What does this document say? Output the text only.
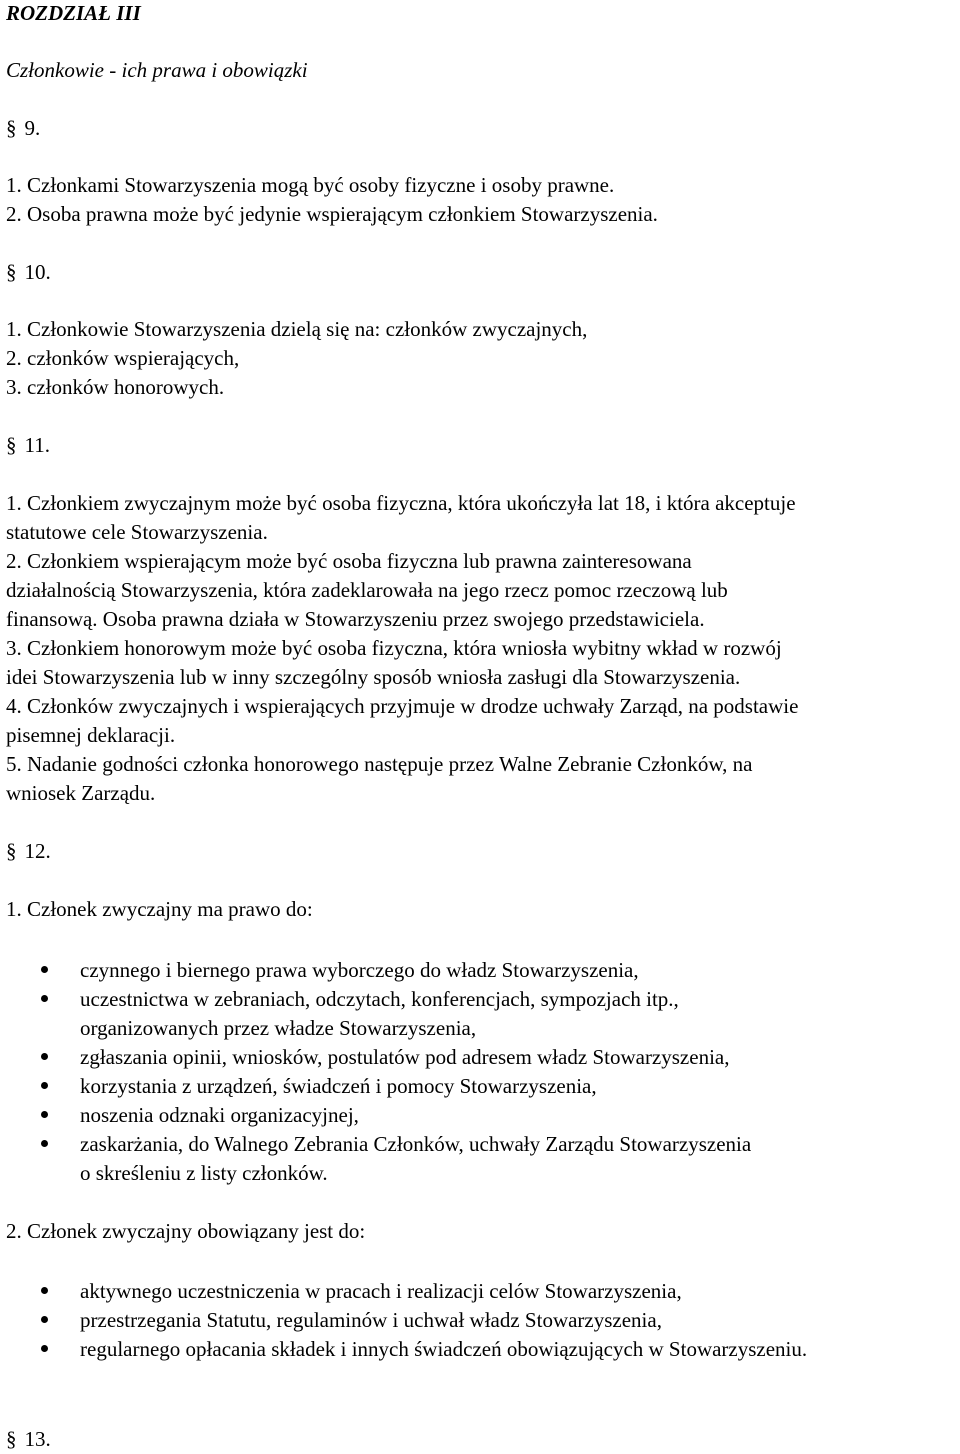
ROZDZIAŁ III
Członkowie - ich prawa i obowiązki
§ 9.
1. Członkami Stowarzyszenia mogą być osoby fizyczne i osoby prawne.
2. Osoba prawna może być jedynie wspierającym członkiem Stowarzyszenia.
§ 10.
1. Członkowie Stowarzyszenia dzielą się na: członków zwyczajnych,
2. członków wspierających,
3. członków honorowych.
§ 11.
1. Członkiem zwyczajnym może być osoba fizyczna, która ukończyła lat 18, i która akceptuje
statutowe cele Stowarzyszenia.
2. Członkiem wspierającym może być osoba fizyczna lub prawna zainteresowana
działalnością Stowarzyszenia, która zadeklarowała na jego rzecz pomoc rzeczową lub
finansową. Osoba prawna działa w Stowarzyszeniu przez swojego przedstawiciela.
3. Członkiem honorowym może być osoba fizyczna, która wniosła wybitny wkład w rozwój
idei Stowarzyszenia lub w inny szczególny sposób wniosła zasługi dla Stowarzyszenia.
4. Członków zwyczajnych i wspierających przyjmuje w drodze uchwały Zarząd, na podstawie
pisemnej deklaracji.
5. Nadanie godności członka honorowego następuje przez Walne Zebranie Członków, na
wniosek Zarządu.
§ 12.
1. Członek zwyczajny ma prawo do:
czynnego i biernego prawa wyborczego do władz Stowarzyszenia,
uczestnictwa w zebraniach, odczytach, konferencjach, sympozjach itp.,
organizowanych przez władze Stowarzyszenia,
zgłaszania opinii, wniosków, postulatów pod adresem władz Stowarzyszenia,
korzystania z urządzeń, świadczeń i pomocy Stowarzyszenia,
noszenia odznaki organizacyjnej,
zaskarżania, do Walnego Zebrania Członków, uchwały Zarządu Stowarzyszenia
o skreśleniu z listy członków.
2. Członek zwyczajny obowiązany jest do:
aktywnego uczestniczenia w pracach i realizacji celów Stowarzyszenia,
przestrzegania Statutu, regulaminów i uchwał władz Stowarzyszenia,
regularnego opłacania składek i innych świadczeń obowiązujących w Stowarzyszeniu.
§ 13.
